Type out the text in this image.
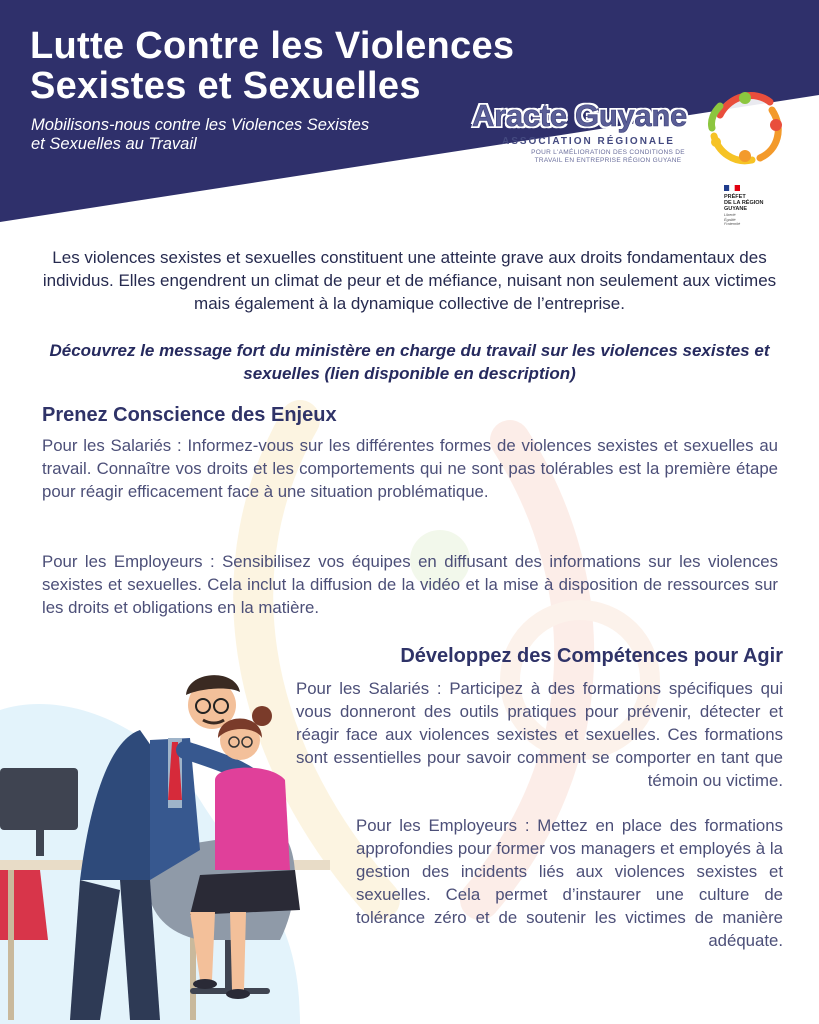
Lutte Contre les Violences
Sexistes et Sexuelles
Mobilisons-nous contre les Violences Sexistes
et Sexuelles au Travail
Aracte Guyane
ASSOCIATION RÉGIONALE
POUR L'AMÉLIORATION DES CONDITIONS DE
TRAVAIL EN ENTREPRISE RÉGION GUYANE
PRÉFET
DE LA RÉGION
GUYANE
Liberté
Égalité
Fraternité

Les violences sexistes et sexuelles constituent une atteinte grave aux droits fondamentaux des individus. Elles engendrent un climat de peur et de méfiance, nuisant non seulement aux victimes mais également à la dynamique collective de l’entreprise.

Découvrez le message fort du ministère en charge du travail sur les violences sexistes et sexuelles (lien disponible en description)

Prenez Conscience des Enjeux

Pour les Salariés : Informez-vous sur les différentes formes de violences sexistes et sexuelles au travail. Connaître vos droits et les comportements qui ne sont pas tolérables est la première étape pour réagir efficacement face à une situation problématique.

Pour les Employeurs : Sensibilisez vos équipes en diffusant des informations sur les violences sexistes et sexuelles. Cela inclut la diffusion de la vidéo et la mise à disposition de ressources sur les droits et obligations en la matière.

Développez des Compétences pour Agir

Pour les Salariés : Participez à des formations spécifiques qui vous donneront des outils pratiques pour prévenir, détecter et réagir face aux violences sexistes et sexuelles. Ces formations sont essentielles pour savoir comment se comporter en tant que témoin ou victime.

Pour les Employeurs : Mettez en place des formations approfondies pour former vos managers et employés à la gestion des incidents liés aux violences sexistes et sexuelles. Cela permet d’instaurer une culture de tolérance zéro et de soutenir les victimes de manière adéquate.
